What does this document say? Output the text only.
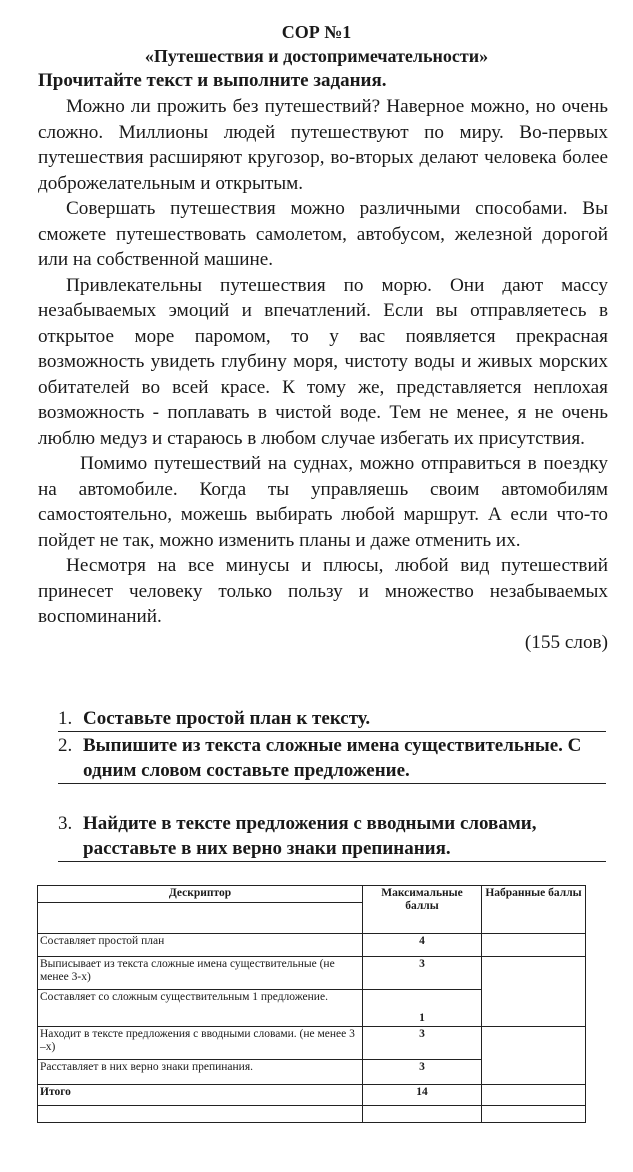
СОР №1
«Путешествия и достопримечательности»
Прочитайте текст и выполните задания.

Можно ли прожить без путешествий? Наверное можно, но очень сложно. Миллионы людей путешествуют по миру. Во-первых путешествия расширяют кругозор, во-вторых делают человека более доброжелательным и открытым.

Совершать путешествия можно различными способами. Вы сможете путешествовать самолетом, автобусом, железной дорогой или на собственной машине.

Привлекательны путешествия по морю. Они дают массу незабываемых эмоций и впечатлений. Если вы отправляетесь в открытое море паромом, то у вас появляется прекрасная возможность увидеть глубину моря, чистоту воды и живых морских обитателей во всей красе. К тому же, представляется неплохая возможность - поплавать в чистой воде. Тем не менее, я не очень люблю медуз и стараюсь в любом случае избегать их присутствия.

Помимо путешествий на суднах, можно отправиться в поездку на автомобиле. Когда ты управляешь своим автомобилям самостоятельно, можешь выбирать любой маршрут. А если что-то пойдет не так, можно изменить планы и даже отменить их.

Несмотря на все минусы и плюсы, любой вид путешествий принесет человеку только пользу и множество незабываемых воспоминаний.

(155 слов)
1. Составьте простой план к тексту.
2. Выпишите из текста сложные имена существительные. С одним словом составьте предложение.
3. Найдите в тексте предложения с вводными словами, расставьте в них верно знаки препинания.
Дескриптор	Максимальные баллы	Набранные баллы

Составляет простой план	4	
Выписывает из текста сложные имена существительные (не менее 3-х)	3	
Составляет со сложным существительным 1 предложение.	1	
Находит в тексте предложения с вводными словами. (не менее 3 –х)	3	
Расставляет в них верно знаки препинания.	3	
Итого	14	
